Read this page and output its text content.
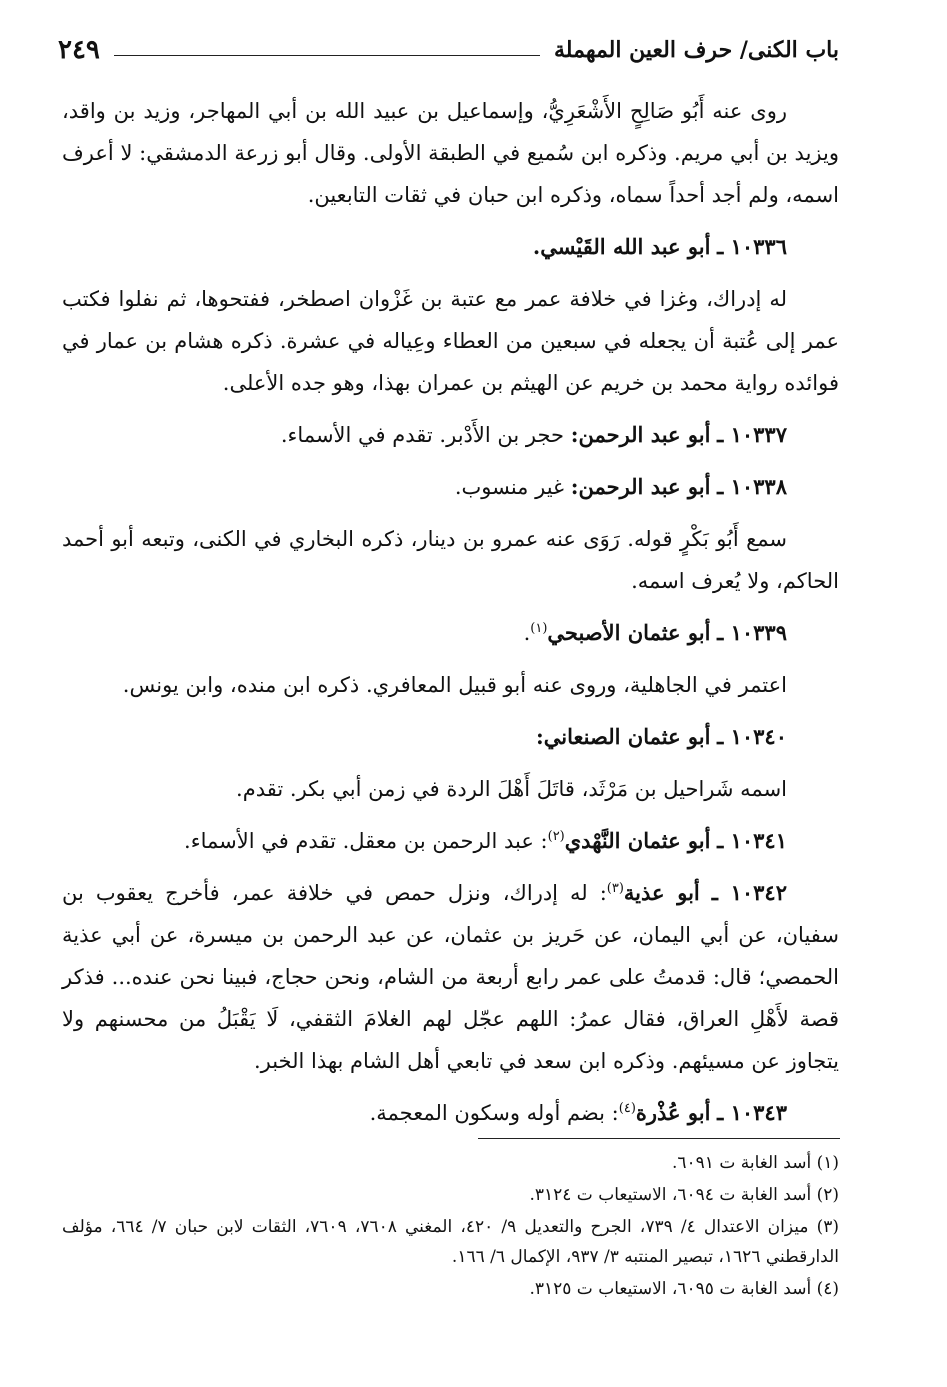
باب الكنى/ حرف العين المهملة
٢٤٩

روى عنه أَبُو صَالِحٍ الأَشْعَرِيُّ، وإسماعيل بن عبيد الله بن أبي المهاجر، وزيد بن واقد، ويزيد بن أبي مريم. وذكره ابن سُميع في الطبقة الأولى. وقال أبو زرعة الدمشقي: لا أعرف اسمه، ولم أجد أحداً سماه، وذكره ابن حبان في ثقات التابعين.

١٠٣٣٦ ـ أبو عبد الله القَيْسي.

له إدراك، وغزا في خلافة عمر مع عتبة بن غَزْوان اصطخر، ففتحوها، ثم نفلوا فكتب عمر إلى عُتبة أن يجعله في سبعين من العطاء وعِياله في عشرة. ذكره هشام بن عمار في فوائده رواية محمد بن خريم عن الهيثم بن عمران بهذا، وهو جده الأعلى.

١٠٣٣٧ ـ أبو عبد الرحمن: حجر بن الأَدْبر. تقدم في الأسماء.

١٠٣٣٨ ـ أبو عبد الرحمن: غير منسوب.

سمع أَبُو بَكْرٍ قوله. رَوَى عنه عمرو بن دينار، ذكره البخاري في الكنى، وتبعه أبو أحمد الحاكم، ولا يُعرف اسمه.

١٠٣٣٩ ـ أبو عثمان الأصبحي$^{(١)}$.

اعتمر في الجاهلية، وروى عنه أبو قبيل المعافري. ذكره ابن منده، وابن يونس.

١٠٣٤٠ ـ أبو عثمان الصنعاني:

اسمه شَراحيل بن مَرْثَد، قاتَلَ أَهْلَ الردة في زمن أبي بكر. تقدم.

١٠٣٤١ ـ أبو عثمان النَّهْدي$^{(٢)}$: عبد الرحمن بن معقل. تقدم في الأسماء.

١٠٣٤٢ ـ أبو عذية$^{(٣)}$: له إدراك، ونزل حمص في خلافة عمر، فأخرج يعقوب بن سفيان، عن أبي اليمان، عن حَريز بن عثمان، عن عبد الرحمن بن ميسرة، عن أبي عذية الحمصي؛ قال: قدمتُ على عمر رابع أربعة من الشام، ونحن حجاج، فبينا نحن عنده... فذكر قصة لأَهْلِ العراق، فقال عمرُ: اللهم عجّل لهم الغلامَ الثقفي، لَا يَقْبَلُ من محسنهم ولا يتجاوز عن مسيئهم. وذكره ابن سعد في تابعي أهل الشام بهذا الخبر.

١٠٣٤٣ ـ أبو عُذْرة$^{(٤)}$: بضم أوله وسكون المعجمة.

(١) أسد الغابة ت ٦٠٩١.

(٢) أسد الغابة ت ٦٠٩٤، الاستيعاب ت ٣١٢٤.

(٣) ميزان الاعتدال ٤/ ٧٣٩، الجرح والتعديل ٩/ ٤٢٠، المغني ٧٦٠٨، ٧٦٠٩، الثقات لابن حبان ٧/ ٦٦٤، مؤلف الدارقطني ١٦٢٦، تبصير المنتبه ٣/ ٩٣٧، الإكمال ٦/ ١٦٦.

(٤) أسد الغابة ت ٦٠٩٥، الاستيعاب ت ٣١٢٥.
